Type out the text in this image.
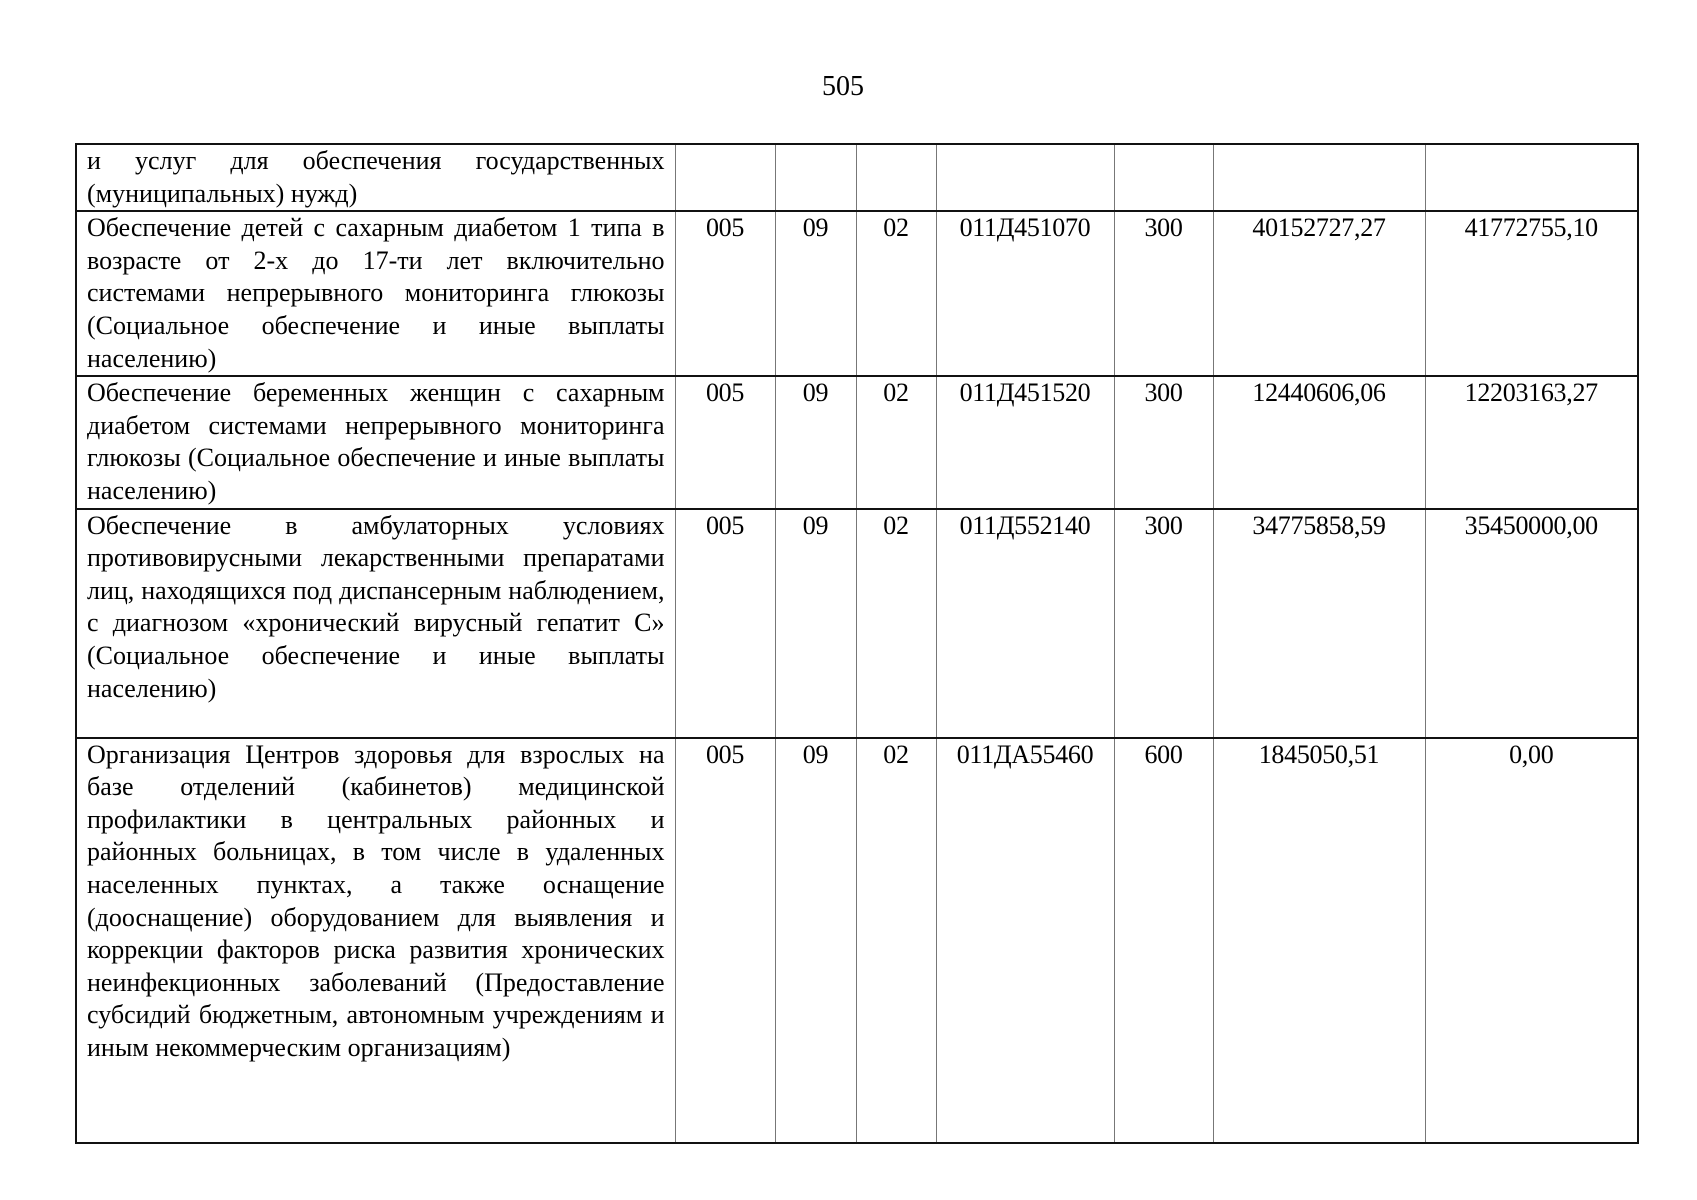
505
и услуг для обеспечения государственных (муниципальных) нужд)							
Обеспечение детей с сахарным диабетом 1 типа в возрасте от 2-х до 17-ти лет включительно системами непрерывного мониторинга глюкозы (Социальное обеспечение и иные выплаты населению)	005	09	02	011Д451070	300	40152727,27	41772755,10
Обеспечение беременных женщин с сахарным диабетом системами непрерывного мониторинга глюкозы (Социальное обеспечение и иные выплаты населению)	005	09	02	011Д451520	300	12440606,06	12203163,27
Обеспечение в амбулаторных условиях противовирусными лекарственными препаратами лиц, находящихся под диспансерным наблюдением, с диагнозом «хронический вирусный гепатит С» (Социальное обеспечение и иные выплаты населению)	005	09	02	011Д552140	300	34775858,59	35450000,00
Организация Центров здоровья для взрослых на базе отделений (кабинетов) медицинской профилактики в центральных районных и районных больницах, в том числе в удаленных населенных пунктах, а также оснащение (дооснащение) оборудованием для выявления и коррекции факторов риска развития хронических неинфекционных заболеваний (Предоставление субсидий бюджетным, автономным учреждениям и иным некоммерческим организациям)	005	09	02	011ДА55460	600	1845050,51	0,00
